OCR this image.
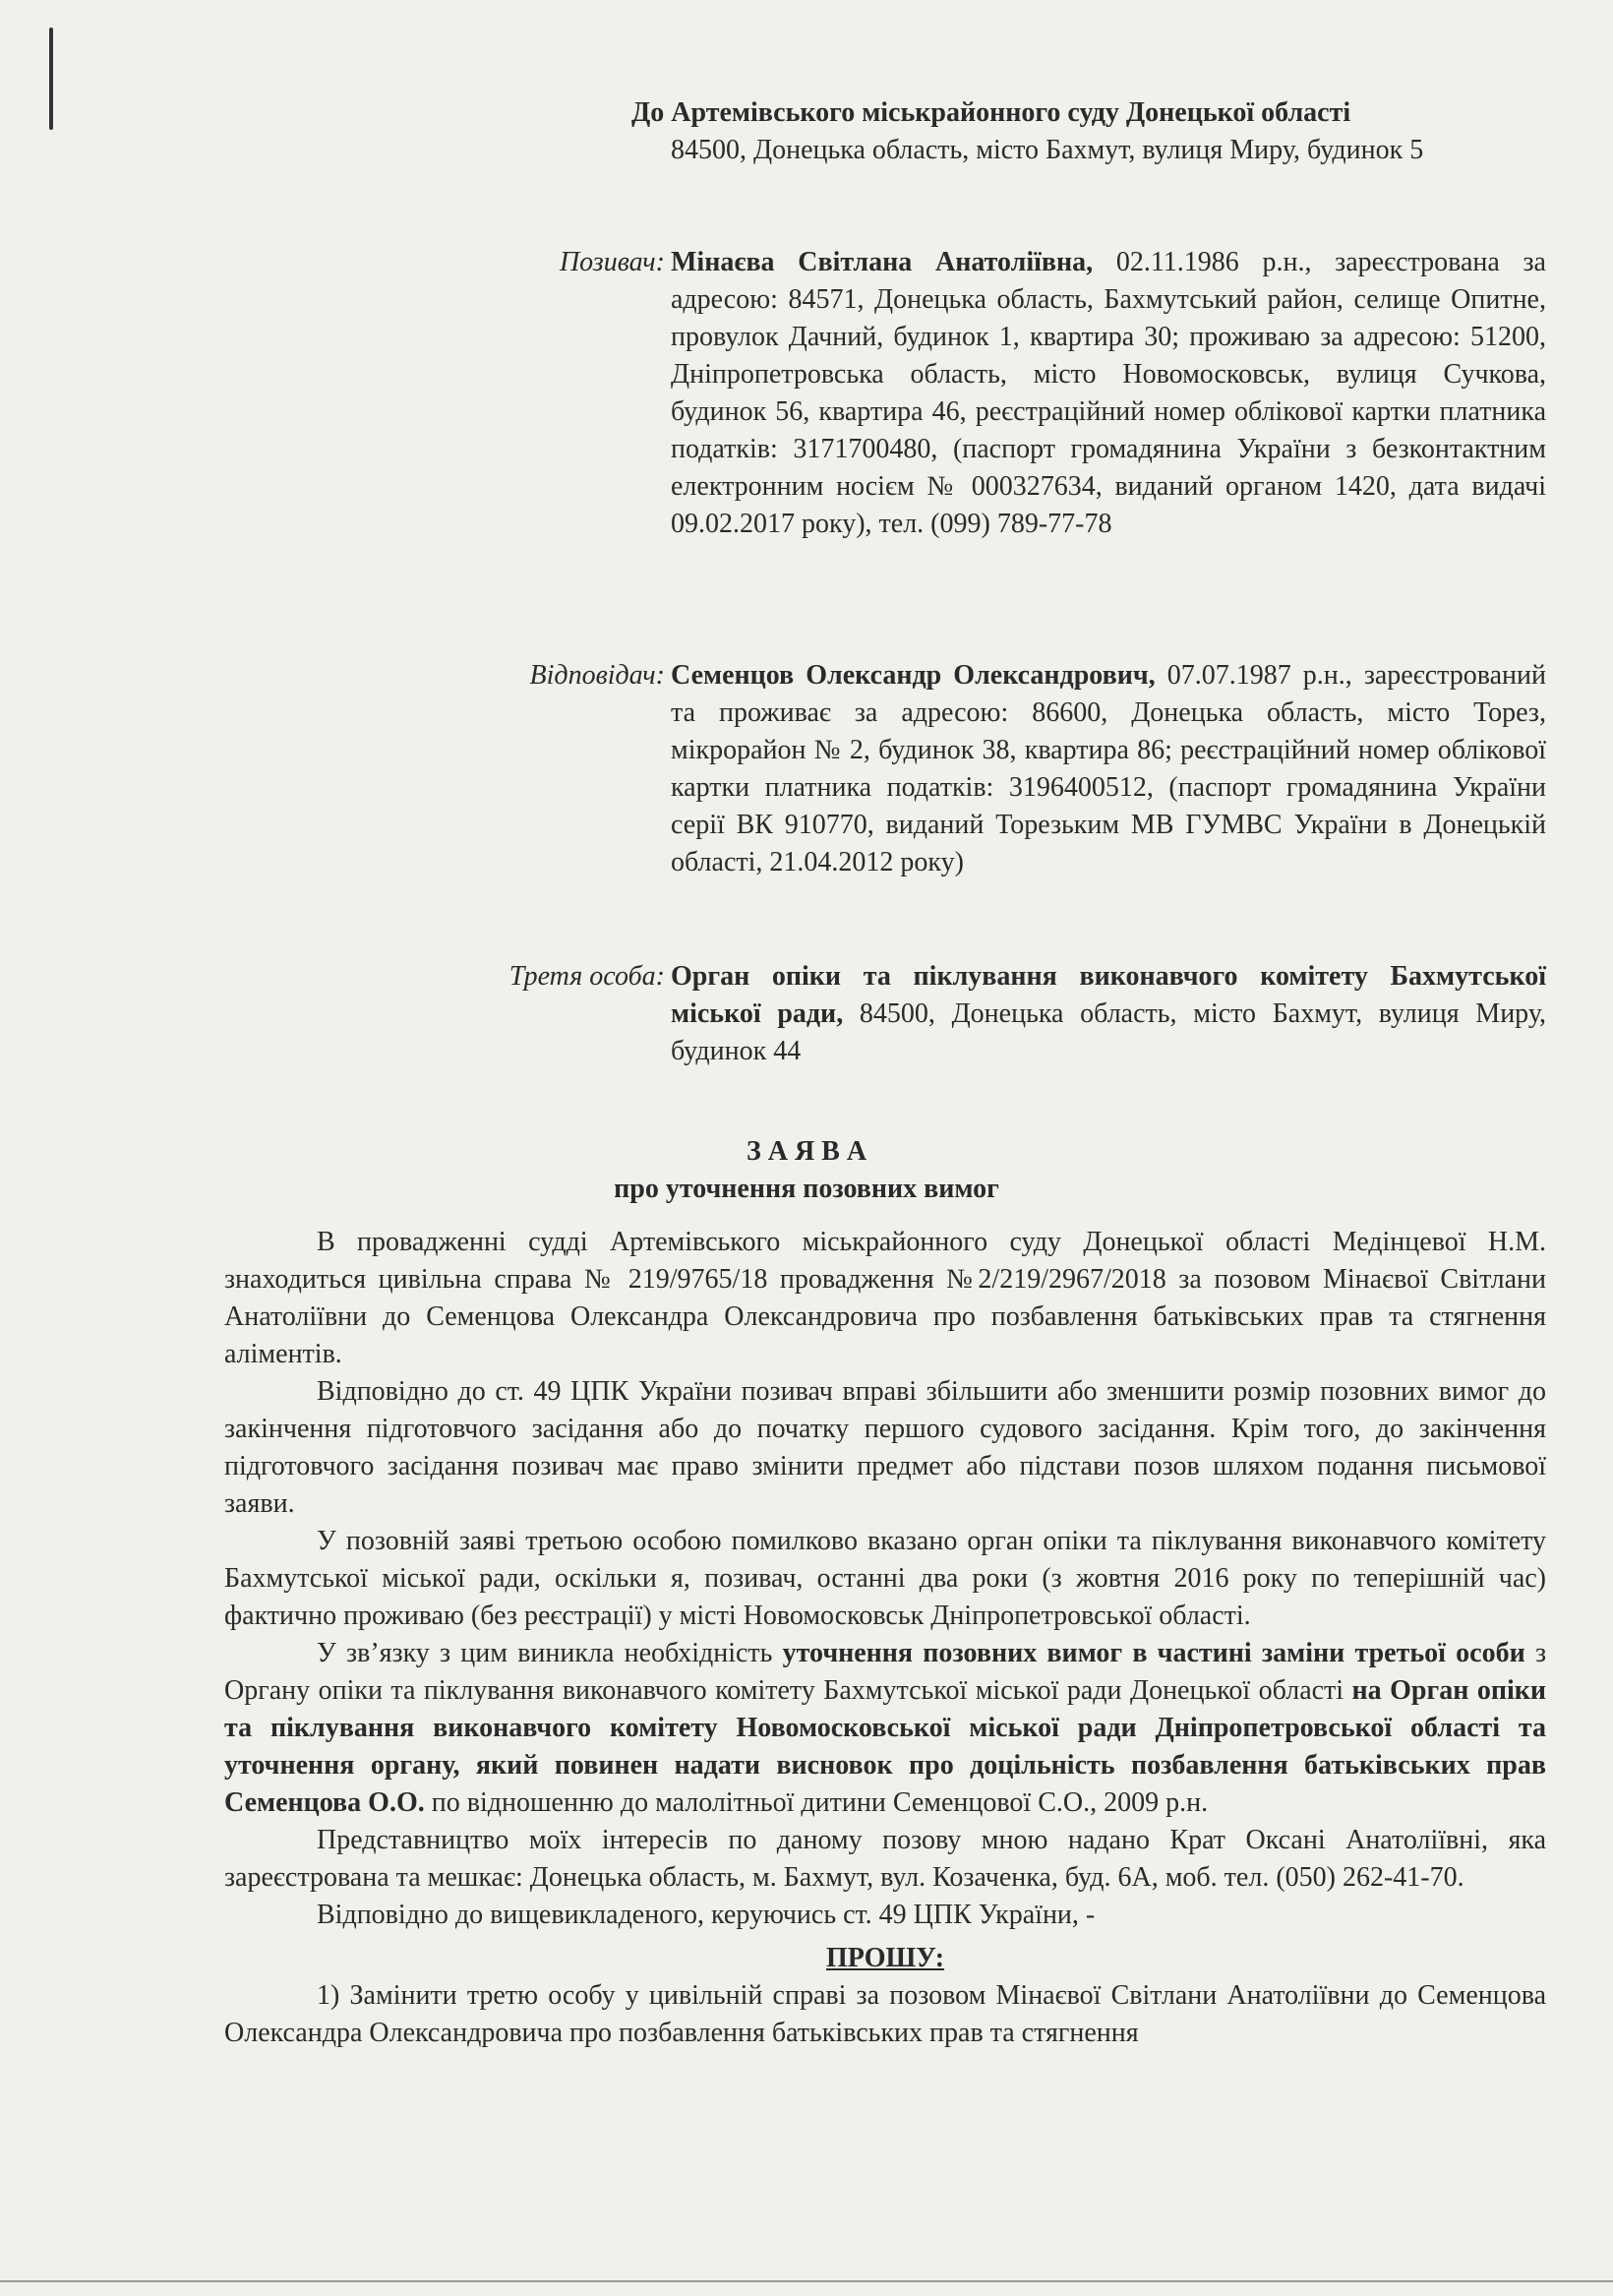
До Артемівського міськрайонного суду Донецької області
84500, Донецька область, місто Бахмут, вулиця Миру, будинок 5
Позивач: Мінаєва Світлана Анатоліївна, 02.11.1986 р.н., зареєстрована за адресою: 84571, Донецька область, Бахмутський район, селище Опитне, провулок Дачний, будинок 1, квартира 30; проживаю за адресою: 51200, Дніпропетровська область, місто Новомосковськ, вулиця Сучкова, будинок 56, квартира 46, реєстраційний номер облікової картки платника податків: 3171700480, (паспорт громадянина України з безконтактним електронним носієм № 000327634, виданий органом 1420, дата видачі 09.02.2017 року), тел. (099) 789-77-78
Відповідач: Семенцов Олександр Олександрович, 07.07.1987 р.н., зареєстрований та проживає за адресою: 86600, Донецька область, місто Торез, мікрорайон № 2, будинок 38, квартира 86; реєстраційний номер облікової картки платника податків: 3196400512, (паспорт громадянина України серії ВК 910770, виданий Торезьким МВ ГУМВС України в Донецькій області, 21.04.2012 року)
Третя особа: Орган опіки та піклування виконавчого комітету Бахмутської міської ради, 84500, Донецька область, місто Бахмут, вулиця Миру, будинок 44
З А Я В А
про уточнення позовних вимог

В провадженні судді Артемівського міськрайонного суду Донецької області Медінцевої Н.М. знаходиться цивільна справа № 219/9765/18 провадження №2/219/2967/2018 за позовом Мінаєвої Світлани Анатоліївни до Семенцова Олександра Олександровича про позбавлення батьківських прав та стягнення аліментів.

Відповідно до ст. 49 ЦПК України позивач вправі збільшити або зменшити розмір позовних вимог до закінчення підготовчого засідання або до початку першого судового засідання. Крім того, до закінчення підготовчого засідання позивач має право змінити предмет або підстави позов шляхом подання письмової заяви.

У позовній заяві третьою особою помилково вказано орган опіки та піклування виконавчого комітету Бахмутської міської ради, оскільки я, позивач, останні два роки (з жовтня 2016 року по теперішній час) фактично проживаю (без реєстрації) у місті Новомосковськ Дніпропетровської області.

У зв’язку з цим виникла необхідність уточнення позовних вимог в частині заміни третьої особи з Органу опіки та піклування виконавчого комітету Бахмутської міської ради Донецької області на Орган опіки та піклування виконавчого комітету Новомосковської міської ради Дніпропетровської області та уточнення органу, який повинен надати висновок про доцільність позбавлення батьківських прав Семенцова О.О. по відношенню до малолітньої дитини Семенцової С.О., 2009 р.н.

Представництво моїх інтересів по даному позову мною надано Крат Оксані Анатоліївні, яка зареєстрована та мешкає: Донецька область, м. Бахмут, вул. Козаченка, буд. 6А, моб. тел. (050) 262-41-70.

Відповідно до вищевикладеного, керуючись ст. 49 ЦПК України, -

ПРОШУ:

1) Замінити третю особу у цивільній справі за позовом Мінаєвої Світлани Анатоліївни до Семенцова Олександра Олександровича про позбавлення батьківських прав та стягнення
